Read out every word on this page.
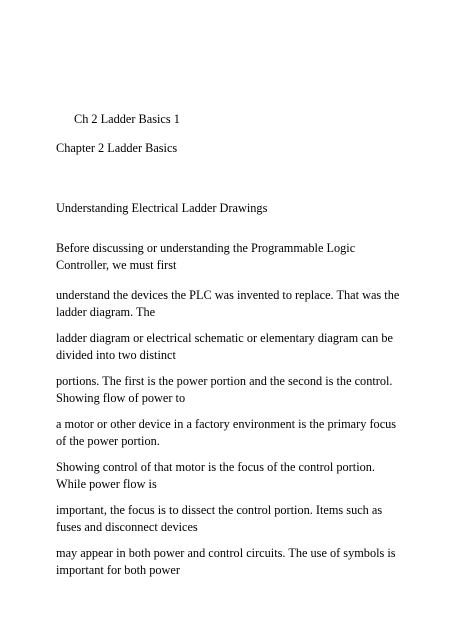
Ch 2 Ladder Basics 1
Chapter 2 Ladder Basics
Understanding Electrical Ladder Drawings
Before discussing or understanding the Programmable Logic Controller, we must first
understand the devices the PLC was invented to replace. That was the ladder diagram. The
ladder diagram or electrical schematic or elementary diagram can be divided into two distinct
portions. The first is the power portion and the second is the control. Showing flow of power to
a motor or other device in a factory environment is the primary focus of the power portion.
Showing control of that motor is the focus of the control portion. While power flow is
important, the focus is to dissect the control portion. Items such as fuses and disconnect devices
may appear in both power and control circuits. The use of symbols is important for both power
